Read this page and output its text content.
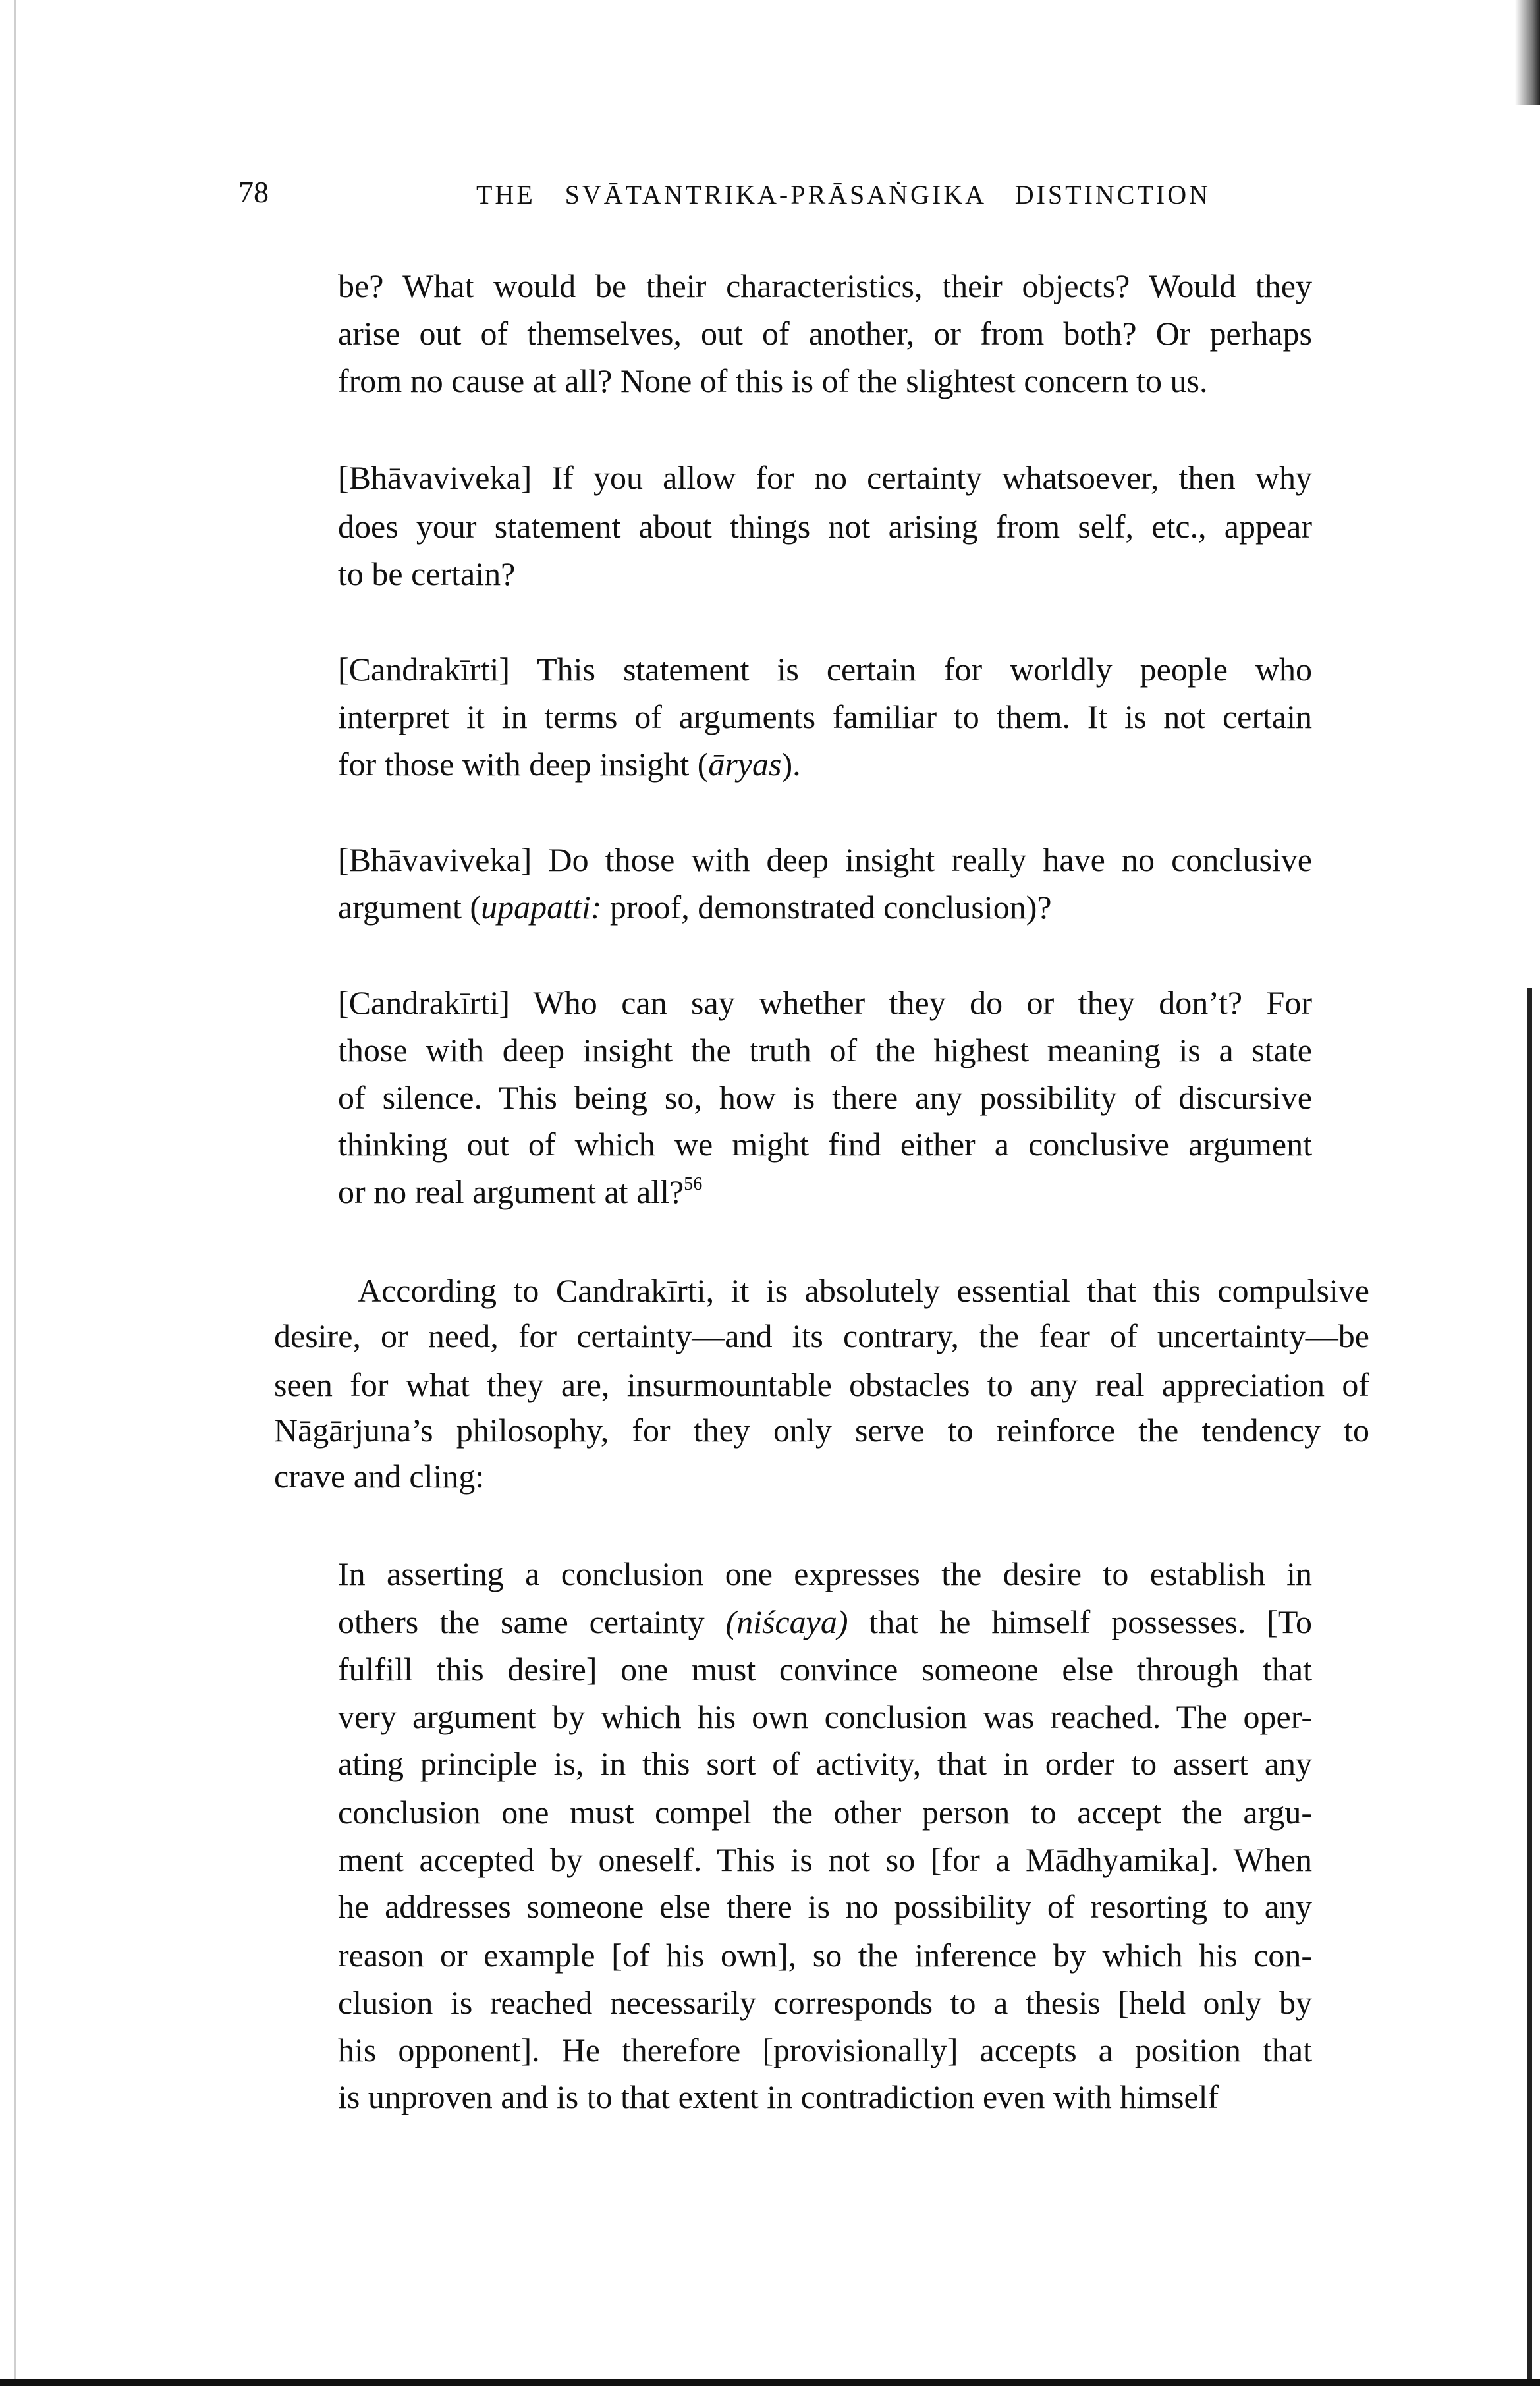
78	THE SVĀTANTRIKA-PRĀSAṄGIKA DISTINCTION
be? What would be their characteristics, their objects? Would they
arise out of themselves, out of another, or from both? Or perhaps
from no cause at all? None of this is of the slightest concern to us.
[Bhāvaviveka] If you allow for no certainty whatsoever, then why
does your statement about things not arising from self, etc., appear
to be certain?
[Candrakīrti] This statement is certain for worldly people who
interpret it in terms of arguments familiar to them. It is not certain
for those with deep insight (āryas).
[Bhāvaviveka] Do those with deep insight really have no conclusive
argument (upapatti: proof, demonstrated conclusion)?
[Candrakīrti] Who can say whether they do or they don’t? For
those with deep insight the truth of the highest meaning is a state
of silence. This being so, how is there any possibility of discursive
thinking out of which we might find either a conclusive argument
or no real argument at all?$^{56}$
According to Candrakīrti, it is absolutely essential that this compulsive
desire, or need, for certainty—and its contrary, the fear of uncertainty—be
seen for what they are, insurmountable obstacles to any real appreciation of
Nāgārjuna’s philosophy, for they only serve to reinforce the tendency to
crave and cling:
In asserting a conclusion one expresses the desire to establish in
others the same certainty (niścaya) that he himself possesses. [To
fulfill this desire] one must convince someone else through that
very argument by which his own conclusion was reached. The oper-
ating principle is, in this sort of activity, that in order to assert any
conclusion one must compel the other person to accept the argu-
ment accepted by oneself. This is not so [for a Mādhyamika]. When
he addresses someone else there is no possibility of resorting to any
reason or example [of his own], so the inference by which his con-
clusion is reached necessarily corresponds to a thesis [held only by
his opponent]. He therefore [provisionally] accepts a position that
is unproven and is to that extent in contradiction even with himself
